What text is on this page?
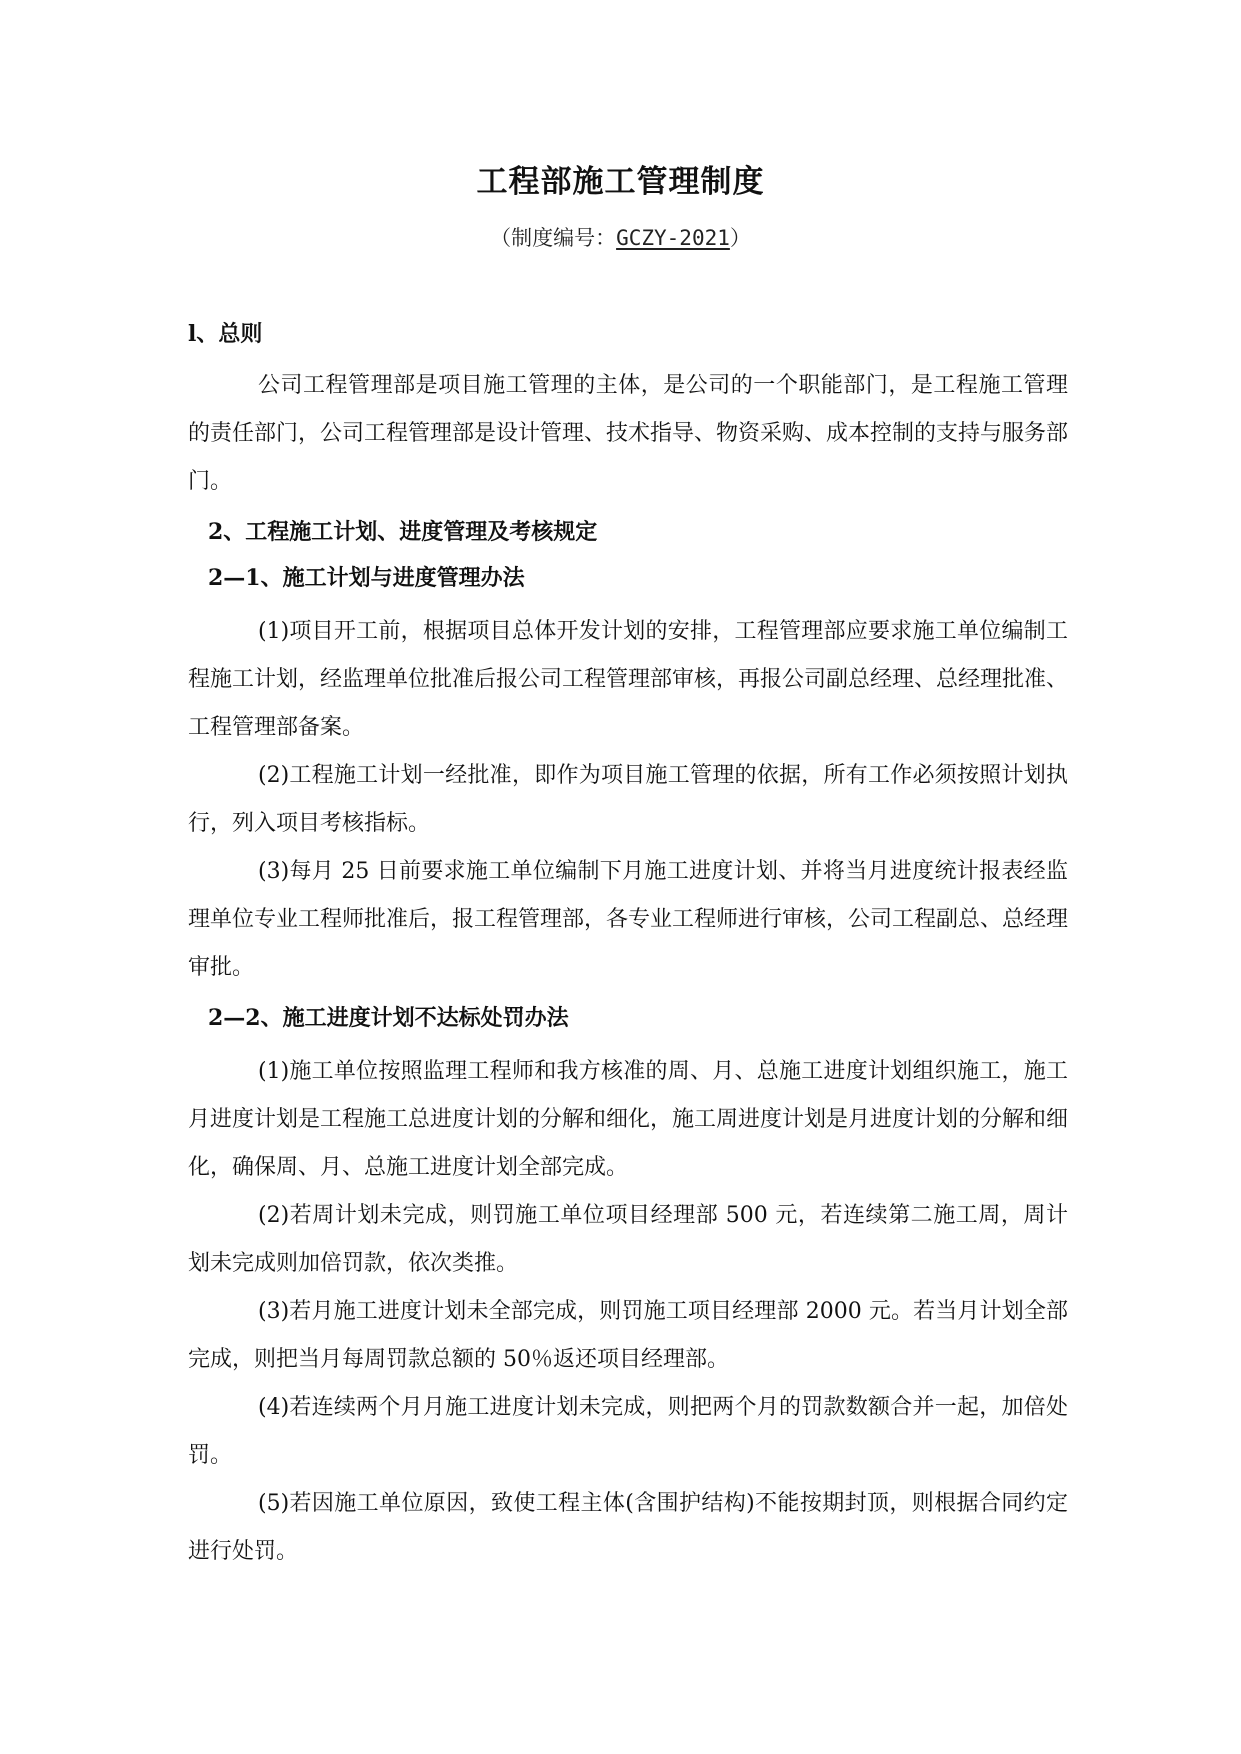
工程部施工管理制度
（制度编号：GCZY-2021）
l、总则

公司工程管理部是项目施工管理的主体，是公司的一个职能部门，是工程施工管理的责任部门，公司工程管理部是设计管理、技术指导、物资采购、成本控制的支持与服务部门。

2、工程施工计划、进度管理及考核规定
2—1、施工计划与进度管理办法

(1)项目开工前，根据项目总体开发计划的安排，工程管理部应要求施工单位编制工程施工计划，经监理单位批准后报公司工程管理部审核，再报公司副总经理、总经理批准、工程管理部备案。

(2)工程施工计划一经批准，即作为项目施工管理的依据，所有工作必须按照计划执行，列入项目考核指标。

(3)每月 25 日前要求施工单位编制下月施工进度计划、并将当月进度统计报表经监理单位专业工程师批准后，报工程管理部，各专业工程师进行审核，公司工程副总、总经理审批。

2—2、施工进度计划不达标处罚办法

(1)施工单位按照监理工程师和我方核准的周、月、总施工进度计划组织施工，施工月进度计划是工程施工总进度计划的分解和细化，施工周进度计划是月进度计划的分解和细化，确保周、月、总施工进度计划全部完成。

(2)若周计划未完成，则罚施工单位项目经理部 500 元，若连续第二施工周，周计划未完成则加倍罚款，依次类推。

(3)若月施工进度计划未全部完成，则罚施工项目经理部 2000 元。若当月计划全部完成，则把当月每周罚款总额的 50％返还项目经理部。

(4)若连续两个月月施工进度计划未完成，则把两个月的罚款数额合并一起，加倍处罚。

(5)若因施工单位原因，致使工程主体(含围护结构)不能按期封顶，则根据合同约定进行处罚。
